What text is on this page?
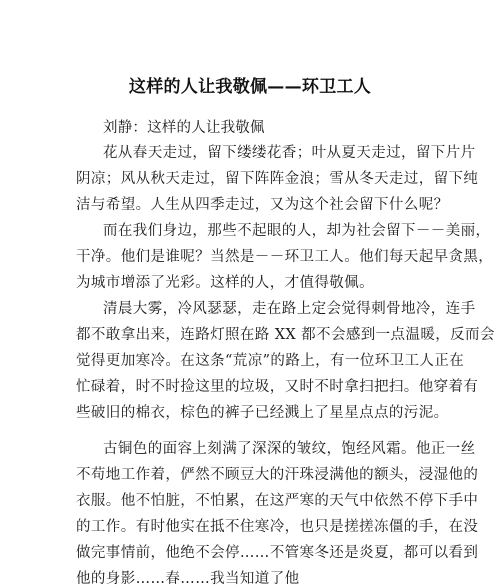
这样的人让我敬佩——环卫工人
刘静：这样的人让我敬佩
花从春天走过，留下缕缕花香；叶从夏天走过，留下片片
阴凉；风从秋天走过，留下阵阵金浪；雪从冬天走过，留下纯
洁与希望。人生从四季走过，又为这个社会留下什么呢？
而在我们身边，那些不起眼的人，却为社会留下－－美丽，
干净。他们是谁呢？当然是－－环卫工人。他们每天起早贪黑，
为城市增添了光彩。这样的人，才值得敬佩。
清晨大雾，冷风瑟瑟，走在路上定会觉得刺骨地冷，连手
都不敢拿出来，连路灯照在路 XX 都不会感到一点温暖，反而会
觉得更加寒冷。在这条“荒凉”的路上，有一位环卫工人正在
忙碌着，时不时捡这里的垃圾，又时不时拿扫把扫。他穿着有
些破旧的棉衣，棕色的裤子已经溅上了星星点点的污泥。
古铜色的面容上刻满了深深的皱纹，饱经风霜。他正一丝
不苟地工作着，俨然不顾豆大的汗珠浸满他的额头，浸湿他的
衣服。他不怕脏，不怕累，在这严寒的天气中依然不停下手中
的工作。有时他实在抵不住寒冷，也只是搓搓冻僵的手，在没
做完事情前，他绝不会停……不管寒冬还是炎夏，都可以看到
他的身影……春……我当知道了他
